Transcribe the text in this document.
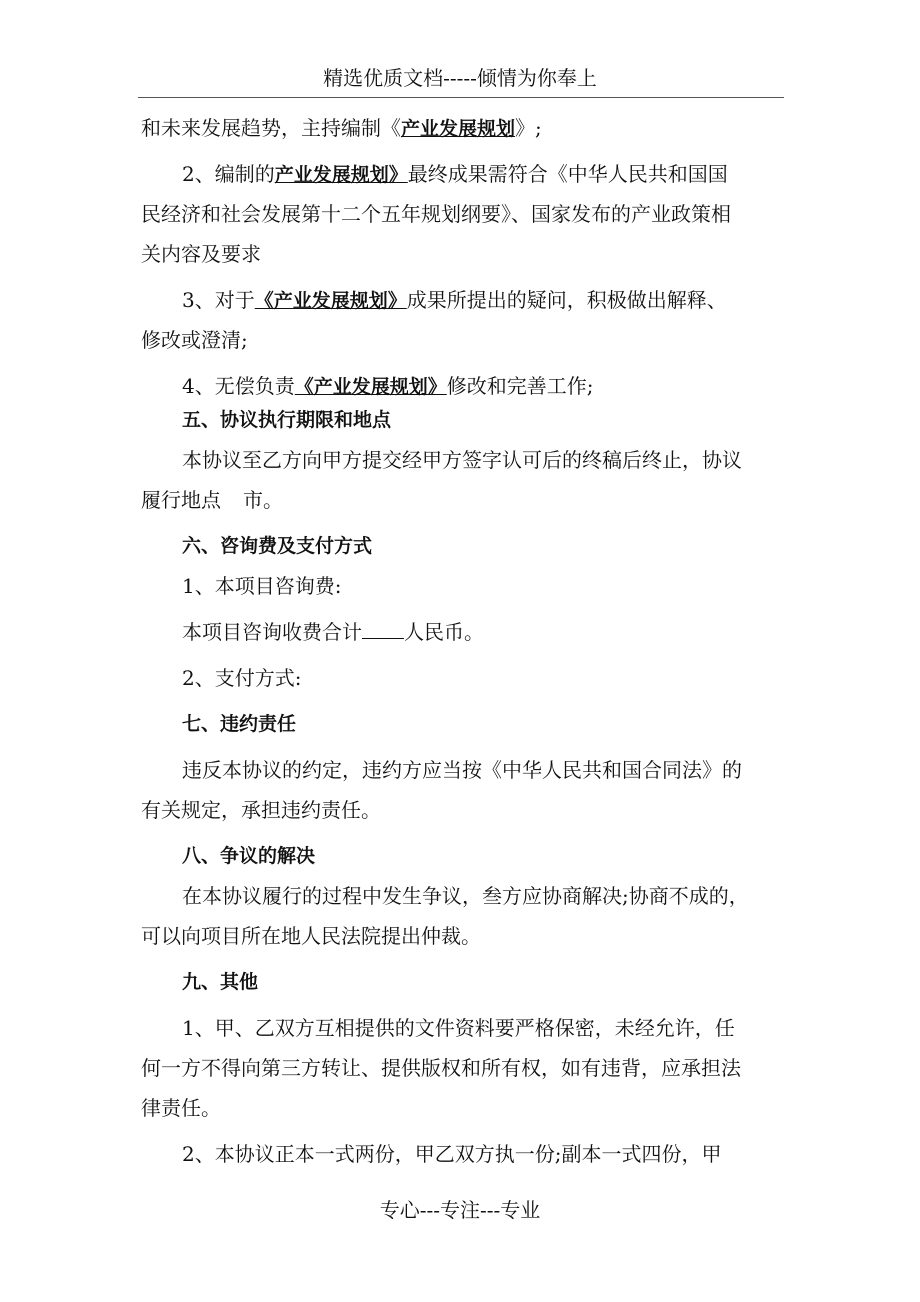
精选优质文档-----倾情为你奉上
和未来发展趋势，主持编制《产业发展规划》;
2、编制的产业发展规划》最终成果需符合《中华人民共和国国
民经济和社会发展第十二个五年规划纲要》、国家发布的产业政策相
关内容及要求
3、对于《产业发展规划》成果所提出的疑问，积极做出解释、
修改或澄清;
4、无偿负责《产业发展规划》修改和完善工作;
五、协议执行期限和地点
本协议至乙方向甲方提交经甲方签字认可后的终稿后终止，协议
履行地点 市。
六、咨询费及支付方式
1、本项目咨询费:
本项目咨询收费合计 人民币。
2、支付方式:
七、违约责任
违反本协议的约定，违约方应当按《中华人民共和国合同法》的
有关规定，承担违约责任。
八、争议的解决
在本协议履行的过程中发生争议，叁方应协商解决;协商不成的，
可以向项目所在地人民法院提出仲裁。
九、其他
1、甲、乙双方互相提供的文件资料要严格保密，未经允许，任
何一方不得向第三方转让、提供版权和所有权，如有违背，应承担法
律责任。
2、本协议正本一式两份，甲乙双方执一份;副本一式四份，甲
专心---专注---专业
